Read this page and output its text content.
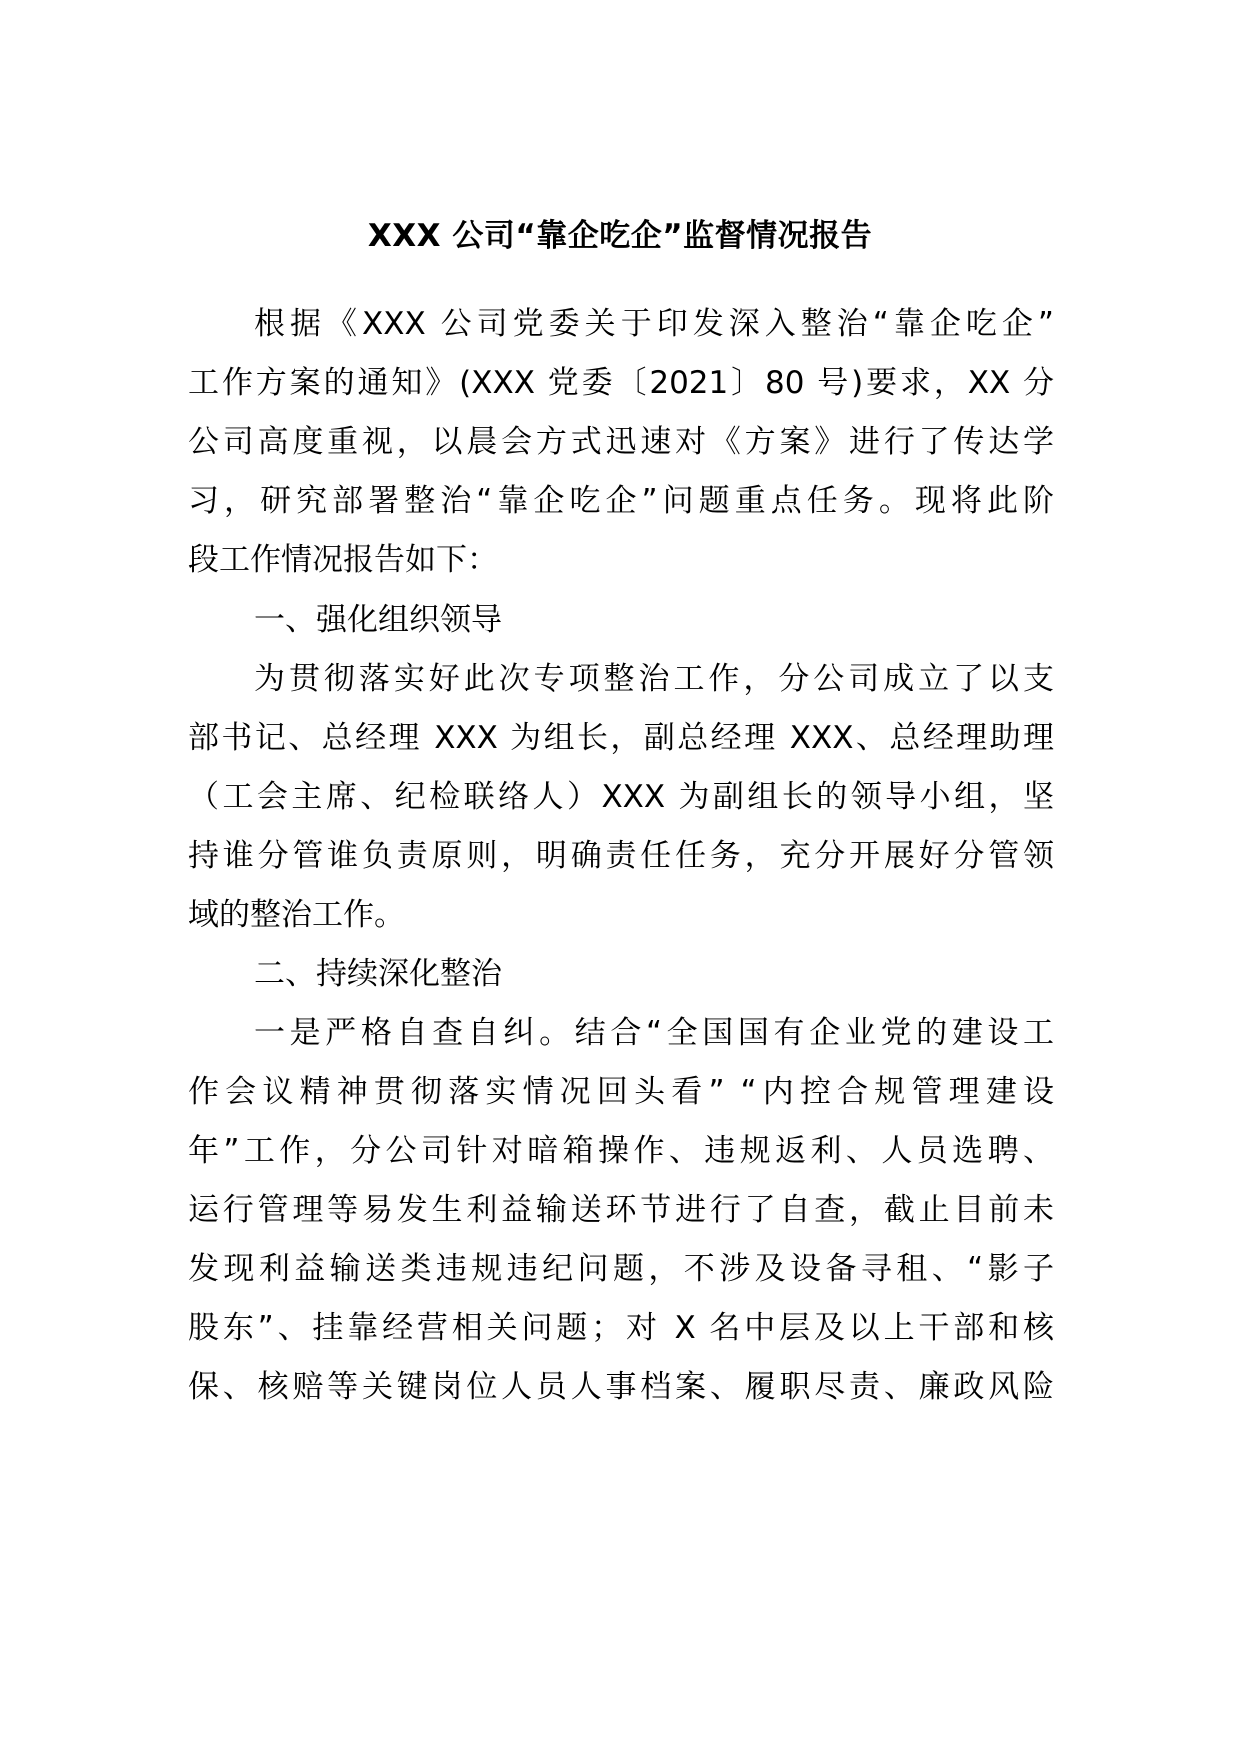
XXX 公司“靠企吃企”监督情况报告
根据《XXX 公司党委关于印发深入整治“靠企吃企”
工作方案的通知》(XXX 党委〔2021〕80 号)要求，XX 分
公司高度重视，以晨会方式迅速对《方案》进行了传达学
习，研究部署整治“靠企吃企”问题重点任务。现将此阶
段工作情况报告如下：
一、强化组织领导
为贯彻落实好此次专项整治工作，分公司成立了以支
部书记、总经理 XXX 为组长，副总经理 XXX、总经理助理
（工会主席、纪检联络人）XXX 为副组长的领导小组，坚
持谁分管谁负责原则，明确责任任务，充分开展好分管领
域的整治工作。
二、持续深化整治
一是严格自查自纠。结合“全国国有企业党的建设工
作会议精神贯彻落实情况回头看” “内控合规管理建设
年”工作，分公司针对暗箱操作、违规返利、人员选聘、
运行管理等易发生利益输送环节进行了自查，截止目前未
发现利益输送类违规违纪问题，不涉及设备寻租、“影子
股东”、挂靠经营相关问题；对 X 名中层及以上干部和核
保、核赔等关键岗位人员人事档案、履职尽责、廉政风险
